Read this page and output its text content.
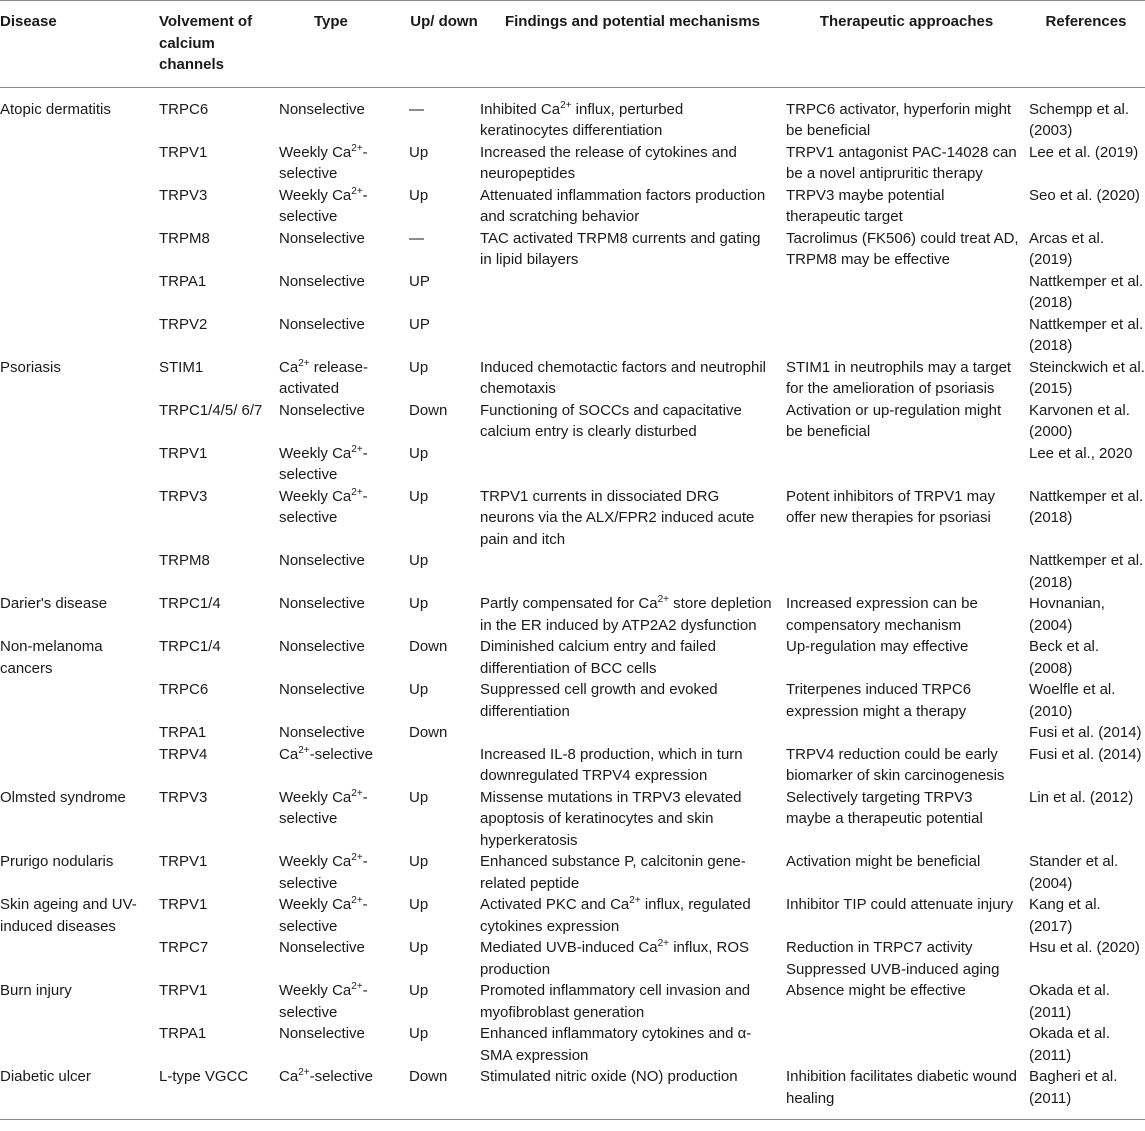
Disease	Volvement of calcium channels	Type	Up/ down	Findings and potential mechanisms	Therapeutic approaches	References
Atopic dermatitis	TRPC6	Nonselective	—	Inhibited $Ca^{2+}$ influx, perturbed keratinocytes differentiation	TRPC6 activator, hyperforin might be beneficial	Schempp et al. (2003)
	TRPV1	Weekly $Ca^{2+}$-selective	Up	Increased the release of cytokines and neuropeptides	TRPV1 antagonist PAC-14028 can be a novel antipruritic therapy	Lee et al. (2019)
	TRPV3	Weekly $Ca^{2+}$-selective	Up	Attenuated inflammation factors production and scratching behavior	TRPV3 maybe potential therapeutic target	Seo et al. (2020)
	TRPM8	Nonselective	—	TAC activated TRPM8 currents and gating in lipid bilayers	Tacrolimus (FK506) could treat AD, TRPM8 may be effective	Arcas et al. (2019)
	TRPA1	Nonselective	UP			Nattkemper et al. (2018)
	TRPV2	Nonselective	UP			Nattkemper et al. (2018)
Psoriasis	STIM1	$Ca^{2+}$ release-activated	Up	Induced chemotactic factors and neutrophil chemotaxis	STIM1 in neutrophils may a target for the amelioration of psoriasis	Steinckwich et al. (2015)
	TRPC1/4/5/ 6/7	Nonselective	Down	Functioning of SOCCs and capacitative calcium entry is clearly disturbed	Activation or up-regulation might be beneficial	Karvonen et al. (2000)
	TRPV1	Weekly $Ca^{2+}$-selective	Up			Lee et al., 2020
	TRPV3	Weekly $Ca^{2+}$-selective	Up	TRPV1 currents in dissociated DRG neurons via the ALX/FPR2 induced acute pain and itch	Potent inhibitors of TRPV1 may offer new therapies for psoriasi	Nattkemper et al. (2018)
	TRPM8	Nonselective	Up			Nattkemper et al. (2018)
Darier's disease	TRPC1/4	Nonselective	Up	Partly compensated for $Ca^{2+}$ store depletion in the ER induced by ATP2A2 dysfunction	Increased expression can be compensatory mechanism	Hovnanian, (2004)
Non-melanoma cancers	TRPC1/4	Nonselective	Down	Diminished calcium entry and failed differentiation of BCC cells	Up-regulation may effective	Beck et al. (2008)
	TRPC6	Nonselective	Up	Suppressed cell growth and evoked differentiation	Triterpenes induced TRPC6 expression might a therapy	Woelfle et al. (2010)
	TRPA1	Nonselective	Down			Fusi et al. (2014)
	TRPV4	$Ca^{2+}$-selective		Increased IL-8 production, which in turn downregulated TRPV4 expression	TRPV4 reduction could be early biomarker of skin carcinogenesis	Fusi et al. (2014)
Olmsted syndrome	TRPV3	Weekly $Ca^{2+}$-selective	Up	Missense mutations in TRPV3 elevated apoptosis of keratinocytes and skin hyperkeratosis	Selectively targeting TRPV3 maybe a therapeutic potential	Lin et al. (2012)
Prurigo nodularis	TRPV1	Weekly $Ca^{2+}$-selective	Up	Enhanced substance P, calcitonin gene-related peptide	Activation might be beneficial	Stander et al. (2004)
Skin ageing and UV-induced diseases	TRPV1	Weekly $Ca^{2+}$-selective	Up	Activated PKC and $Ca^{2+}$ influx, regulated cytokines expression	Inhibitor TIP could attenuate injury	Kang et al. (2017)
	TRPC7	Nonselective	Up	Mediated UVB-induced $Ca^{2+}$ influx, ROS production	Reduction in TRPC7 activity Suppressed UVB-induced aging	Hsu et al. (2020)
Burn injury	TRPV1	Weekly $Ca^{2+}$-selective	Up	Promoted inflammatory cell invasion and myofibroblast generation	Absence might be effective	Okada et al. (2011)
	TRPA1	Nonselective	Up	Enhanced inflammatory cytokines and α-SMA expression		Okada et al. (2011)
Diabetic ulcer	L-type VGCC	$Ca^{2+}$-selective	Down	Stimulated nitric oxide (NO) production	Inhibition facilitates diabetic wound healing	Bagheri et al. (2011)
